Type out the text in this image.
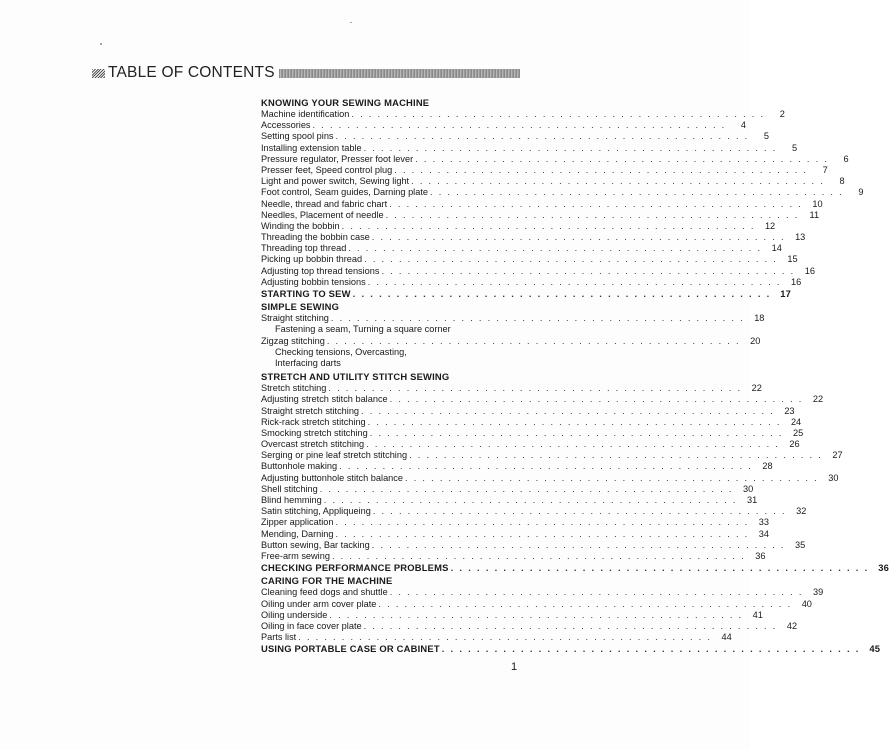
TABLE OF CONTENTS
KNOWING YOUR SEWING MACHINE
Machine identification . . . . . . . . . . . . . . . . . . . . . . . . . . . . . . . . . . . . . . . . . . . . . . . .	2
Accessories . . . . . . . . . . . . . . . . . . . . . . . . . . . . . . . . . . . . . . . . . . . . . . . .	4
Setting spool pins . . . . . . . . . . . . . . . . . . . . . . . . . . . . . . . . . . . . . . . . . . . . . . . .	5
Installing extension table . . . . . . . . . . . . . . . . . . . . . . . . . . . . . . . . . . . . . . . . . . . . . . . .	5
Pressure regulator, Presser foot lever . . . . . . . . . . . . . . . . . . . . . . . . . . . . . . . . . . . . . . . . . . . . . . . .	6
Presser feet, Speed control plug . . . . . . . . . . . . . . . . . . . . . . . . . . . . . . . . . . . . . . . . . . . . . . . .	7
Light and power switch, Sewing light . . . . . . . . . . . . . . . . . . . . . . . . . . . . . . . . . . . . . . . . . . . . . . . .	8
Foot control, Seam guides, Darning plate . . . . . . . . . . . . . . . . . . . . . . . . . . . . . . . . . . . . . . . . . . . . . . . .	9
Needle, thread and fabric chart . . . . . . . . . . . . . . . . . . . . . . . . . . . . . . . . . . . . . . . . . . . . . . . .	10
Needles, Placement of needle . . . . . . . . . . . . . . . . . . . . . . . . . . . . . . . . . . . . . . . . . . . . . . . .	11
Winding the bobbin . . . . . . . . . . . . . . . . . . . . . . . . . . . . . . . . . . . . . . . . . . . . . . . .	12
Threading the bobbin case . . . . . . . . . . . . . . . . . . . . . . . . . . . . . . . . . . . . . . . . . . . . . . . .	13
Threading top thread . . . . . . . . . . . . . . . . . . . . . . . . . . . . . . . . . . . . . . . . . . . . . . . .	14
Picking up bobbin thread . . . . . . . . . . . . . . . . . . . . . . . . . . . . . . . . . . . . . . . . . . . . . . . .	15
Adjusting top thread tensions . . . . . . . . . . . . . . . . . . . . . . . . . . . . . . . . . . . . . . . . . . . . . . . .	16
Adjusting bobbin tensions . . . . . . . . . . . . . . . . . . . . . . . . . . . . . . . . . . . . . . . . . . . . . . . .	16
STARTING TO SEW . . . . . . . . . . . . . . . . . . . . . . . . . . . . . . . . . . . . . . . . . . . . . . . . 17
SIMPLE SEWING
Straight stitching . . . . . . . . . . . . . . . . . . . . . . . . . . . . . . . . . . . . . . . . . . . . . . . .	18
Fastening a seam, Turning a square corner
Zigzag stitching . . . . . . . . . . . . . . . . . . . . . . . . . . . . . . . . . . . . . . . . . . . . . . . .	20
Checking tensions, Overcasting,
Interfacing darts
STRETCH AND UTILITY STITCH SEWING
Stretch stitching . . . . . . . . . . . . . . . . . . . . . . . . . . . . . . . . . . . . . . . . . . . . . . . .	22
Adjusting stretch stitch balance . . . . . . . . . . . . . . . . . . . . . . . . . . . . . . . . . . . . . . . . . . . . . . . .	22
Straight stretch stitching . . . . . . . . . . . . . . . . . . . . . . . . . . . . . . . . . . . . . . . . . . . . . . . .	23
Rick-rack stretch stitching . . . . . . . . . . . . . . . . . . . . . . . . . . . . . . . . . . . . . . . . . . . . . . . .	24
Smocking stretch stitching . . . . . . . . . . . . . . . . . . . . . . . . . . . . . . . . . . . . . . . . . . . . . . . .	25
Overcast stretch stitching . . . . . . . . . . . . . . . . . . . . . . . . . . . . . . . . . . . . . . . . . . . . . . . .	26
Serging or pine leaf stretch stitching . . . . . . . . . . . . . . . . . . . . . . . . . . . . . . . . . . . . . . . . . . . . . . . .	27
Buttonhole making . . . . . . . . . . . . . . . . . . . . . . . . . . . . . . . . . . . . . . . . . . . . . . . .	28
Adjusting buttonhole stitch balance . . . . . . . . . . . . . . . . . . . . . . . . . . . . . . . . . . . . . . . . . . . . . . . .	30
Shell stitching . . . . . . . . . . . . . . . . . . . . . . . . . . . . . . . . . . . . . . . . . . . . . . . .	30
Blind hemming . . . . . . . . . . . . . . . . . . . . . . . . . . . . . . . . . . . . . . . . . . . . . . . .	31
Satin stitching, Appliqueing . . . . . . . . . . . . . . . . . . . . . . . . . . . . . . . . . . . . . . . . . . . . . . . .	32
Zipper application . . . . . . . . . . . . . . . . . . . . . . . . . . . . . . . . . . . . . . . . . . . . . . . .	33
Mending, Darning . . . . . . . . . . . . . . . . . . . . . . . . . . . . . . . . . . . . . . . . . . . . . . . .	34
Button sewing, Bar tacking . . . . . . . . . . . . . . . . . . . . . . . . . . . . . . . . . . . . . . . . . . . . . . . .	35
Free-arm sewing . . . . . . . . . . . . . . . . . . . . . . . . . . . . . . . . . . . . . . . . . . . . . . . .	36
CHECKING PERFORMANCE PROBLEMS . . . . . . . . . . . . . . . . . . . . . . . . . . . . . . . . . . . . . . . . . . . . . . . . 36
CARING FOR THE MACHINE
Cleaning feed dogs and shuttle . . . . . . . . . . . . . . . . . . . . . . . . . . . . . . . . . . . . . . . . . . . . . . . .	39
Oiling under arm cover plate . . . . . . . . . . . . . . . . . . . . . . . . . . . . . . . . . . . . . . . . . . . . . . . .	40
Oiling underside . . . . . . . . . . . . . . . . . . . . . . . . . . . . . . . . . . . . . . . . . . . . . . . .	41
Oiling in face cover plate . . . . . . . . . . . . . . . . . . . . . . . . . . . . . . . . . . . . . . . . . . . . . . . .	42
Parts list . . . . . . . . . . . . . . . . . . . . . . . . . . . . . . . . . . . . . . . . . . . . . . . .	44
USING PORTABLE CASE OR CABINET . . . . . . . . . . . . . . . . . . . . . . . . . . . . . . . . . . . . . . . . . . . . . . . . 45
1
